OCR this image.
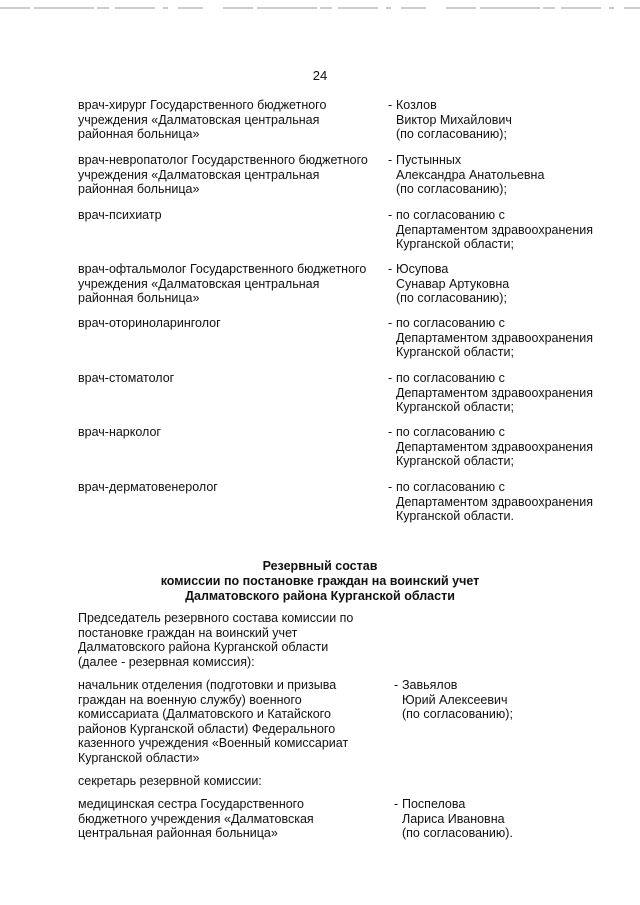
24
врач-хирург Государственного бюджетного
учреждения «Далматовская центральная
районная больница»
- Козлов
Виктор Михайлович
(по согласованию);
врач-невропатолог Государственного бюджетного
учреждения «Далматовская центральная
районная больница»
- Пустынных
Александра Анатольевна
(по согласованию);
врач-психиатр	- по согласованию с
Департаментом здравоохранения
Курганской области;
врач-офтальмолог Государственного бюджетного
учреждения «Далматовская центральная
районная больница»
- Юсупова
Сунавар Артуковна
(по согласованию);
врач-оториноларинголог	- по согласованию с
Департаментом здравоохранения
Курганской области;
врач-стоматолог	- по согласованию с
Департаментом здравоохранения
Курганской области;
врач-нарколог	- по согласованию с
Департаментом здравоохранения
Курганской области;
врач-дерматовенеролог	- по согласованию с
Департаментом здравоохранения
Курганской области.
Резервный состав
комиссии по постановке граждан на воинский учет
Далматовского района Курганской области
Председатель резервного состава комиссии по
постановке граждан на воинский учет
Далматовского района Курганской области
(далее - резервная комиссия):
начальник отделения (подготовки и призыва
граждан на военную службу) военного
комиссариата (Далматовского и Катайского
районов Курганской области) Федерального
казенного учреждения «Военный комиссариат
Курганской области»
- Завьялов
Юрий Алексеевич
(по согласованию);
секретарь резервной комиссии:
медицинская сестра Государственного
бюджетного учреждения «Далматовская
центральная районная больница»
- Поспелова
Лариса Ивановна
(по согласованию).
